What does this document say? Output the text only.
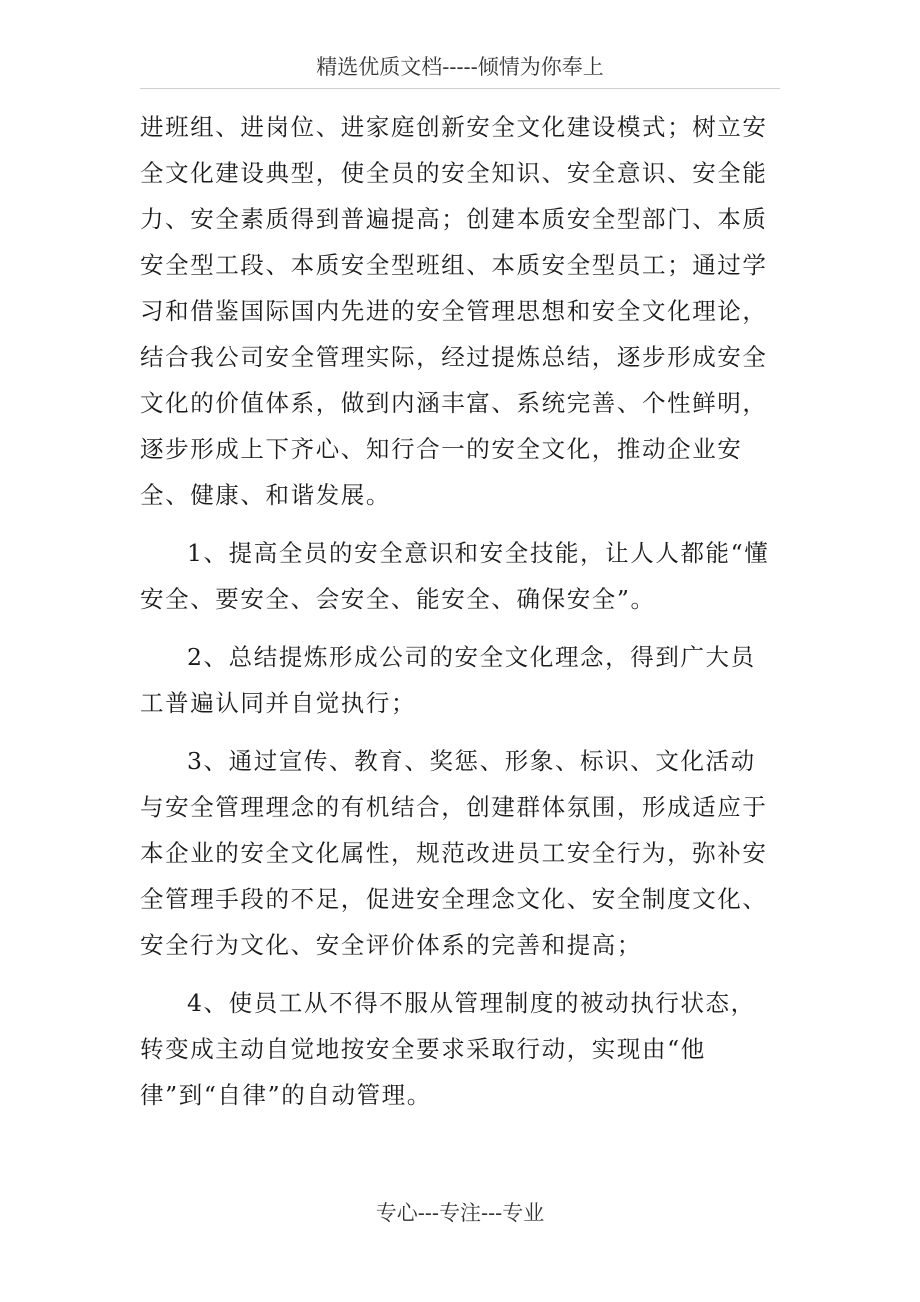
精选优质文档-----倾情为你奉上

进班组、进岗位、进家庭创新安全文化建设模式；树立安全文化建设典型，使全员的安全知识、安全意识、安全能力、安全素质得到普遍提高；创建本质安全型部门、本质安全型工段、本质安全型班组、本质安全型员工；通过学习和借鉴国际国内先进的安全管理思想和安全文化理论，结合我公司安全管理实际，经过提炼总结，逐步形成安全文化的价值体系，做到内涵丰富、系统完善、个性鲜明，逐步形成上下齐心、知行合一的安全文化，推动企业安全、健康、和谐发展。

1、提高全员的安全意识和安全技能，让人人都能“懂安全、要安全、会安全、能安全、确保安全”。

2、总结提炼形成公司的安全文化理念，得到广大员工普遍认同并自觉执行；

3、通过宣传、教育、奖惩、形象、标识、文化活动与安全管理理念的有机结合，创建群体氛围，形成适应于本企业的安全文化属性，规范改进员工安全行为，弥补安全管理手段的不足，促进安全理念文化、安全制度文化、安全行为文化、安全评价体系的完善和提高；

4、使员工从不得不服从管理制度的被动执行状态，转变成主动自觉地按安全要求采取行动，实现由“他律”到“自律”的自动管理。

专心---专注---专业
